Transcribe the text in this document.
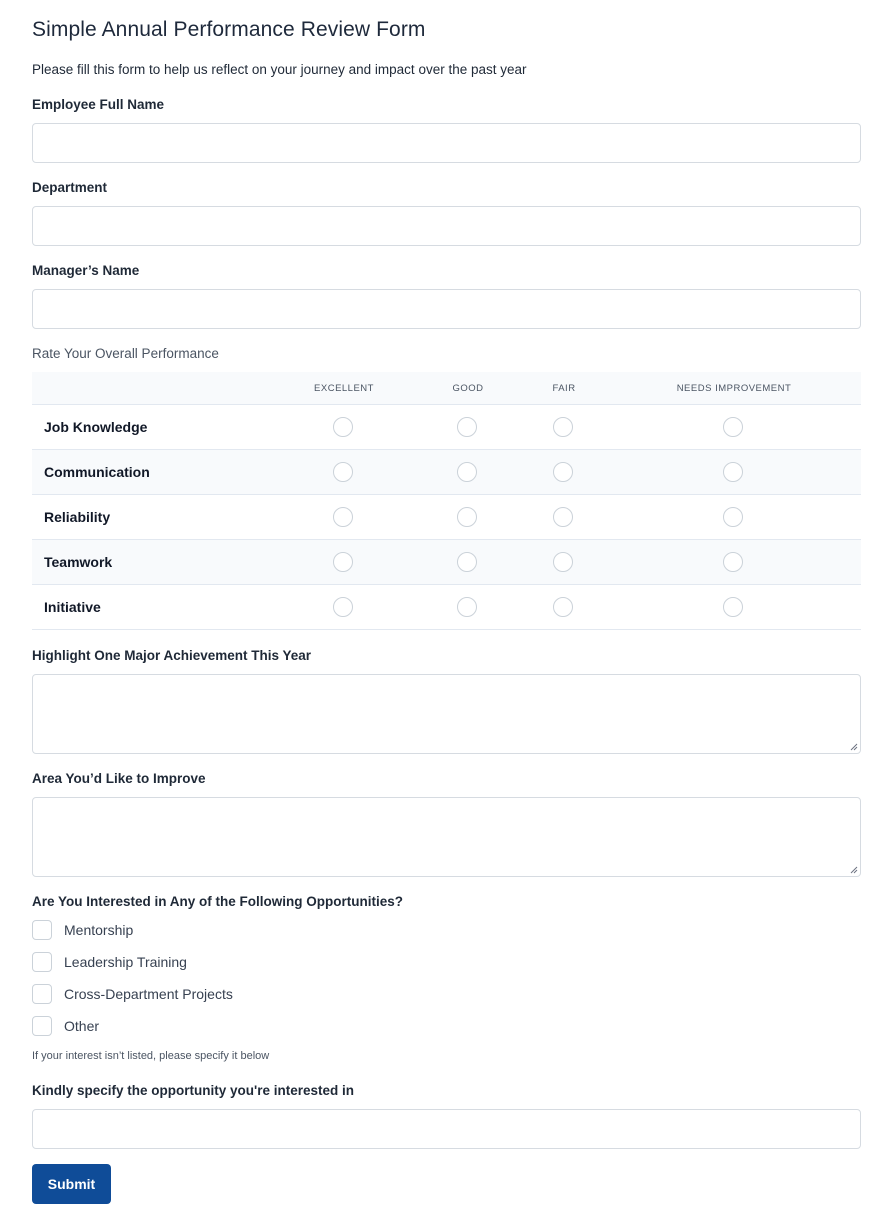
Simple Annual Performance Review Form
Please fill this form to help us reflect on your journey and impact over the past year
Employee Full Name
Department
Manager’s Name
Rate Your Overall Performance
EXCELLENT	GOOD	FAIR	NEEDS IMPROVEMENT
Job Knowledge
Communication
Reliability
Teamwork
Initiative
Highlight One Major Achievement This Year
Area You’d Like to Improve
Are You Interested in Any of the Following Opportunities?
Mentorship
Leadership Training
Cross-Department Projects
Other
If your interest isn’t listed, please specify it below
Kindly specify the opportunity you're interested in
Submit
